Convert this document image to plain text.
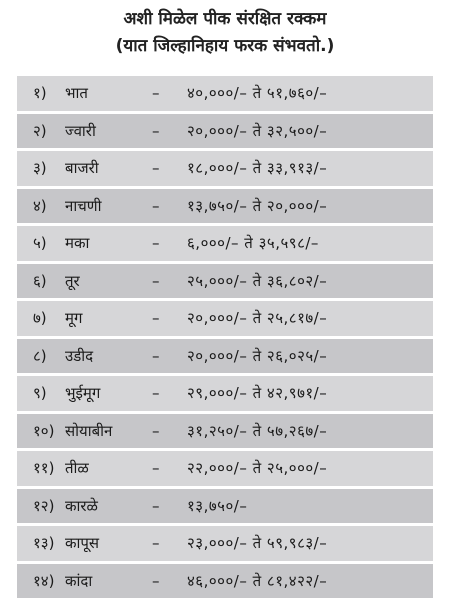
अशी मिळेल पीक संरक्षित रक्कम
(यात जिल्हानिहाय फरक संभवतो.)
१) भात	– ४०,०००/– ते ५१,७६०/–
२) ज्वारी	– २०,०००/– ते ३२,५००/–
३) बाजरी	– १८,०००/– ते ३३,९१३/–
४) नाचणी	– १३,७५०/– ते २०,०००/–
५) मका	– ६,०००/– ते ३५,५९८/–
६) तूर	– २५,०००/– ते ३६,८०२/–
७) मूग	– २०,०००/– ते २५,८१७/–
८) उडीद	– २०,०००/– ते २६,०२५/–
९) भुईमूग	– २९,०००/– ते ४२,९७१/–
१०) सोयाबीन	– ३१,२५०/– ते ५७,२६७/–
११) तीळ	– २२,०००/– ते २५,०००/–
१२) कारळे	– १३,७५०/–
१३) कापूस	– २३,०००/– ते ५९,९८३/–
१४) कांदा	– ४६,०००/– ते ८१,४२२/–
